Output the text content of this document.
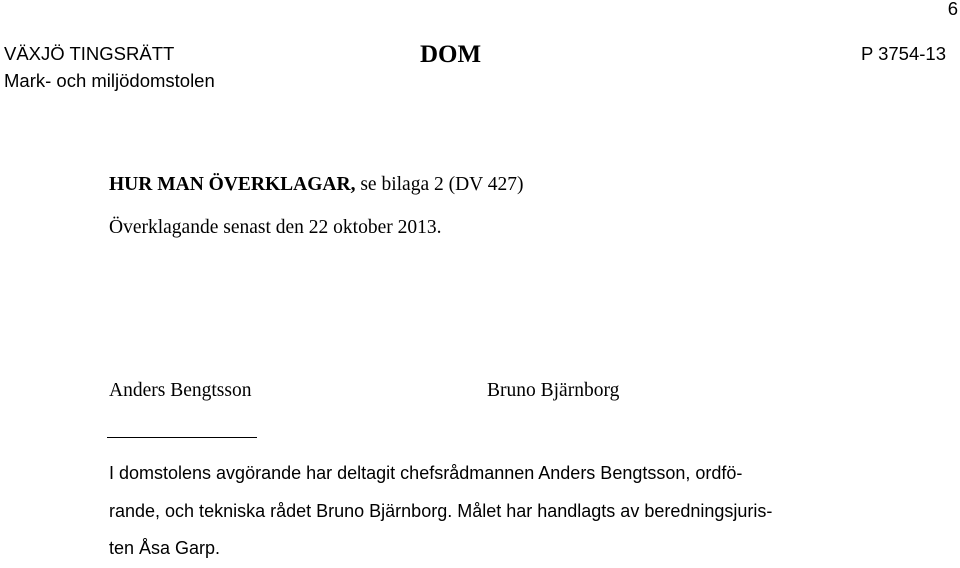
6
VÄXJÖ TINGSRÄTT
Mark- och miljödomstolen
DOM	P 3754-13
HUR MAN ÖVERKLAGAR, se bilaga 2 (DV 427)
Överklagande senast den 22 oktober 2013.
Anders Bengtsson	Bruno Bjärnborg
I domstolens avgörande har deltagit chefsrådmannen Anders Bengtsson, ordfö-
rande, och tekniska rådet Bruno Bjärnborg. Målet har handlagts av beredningsjuris-
ten Åsa Garp.
